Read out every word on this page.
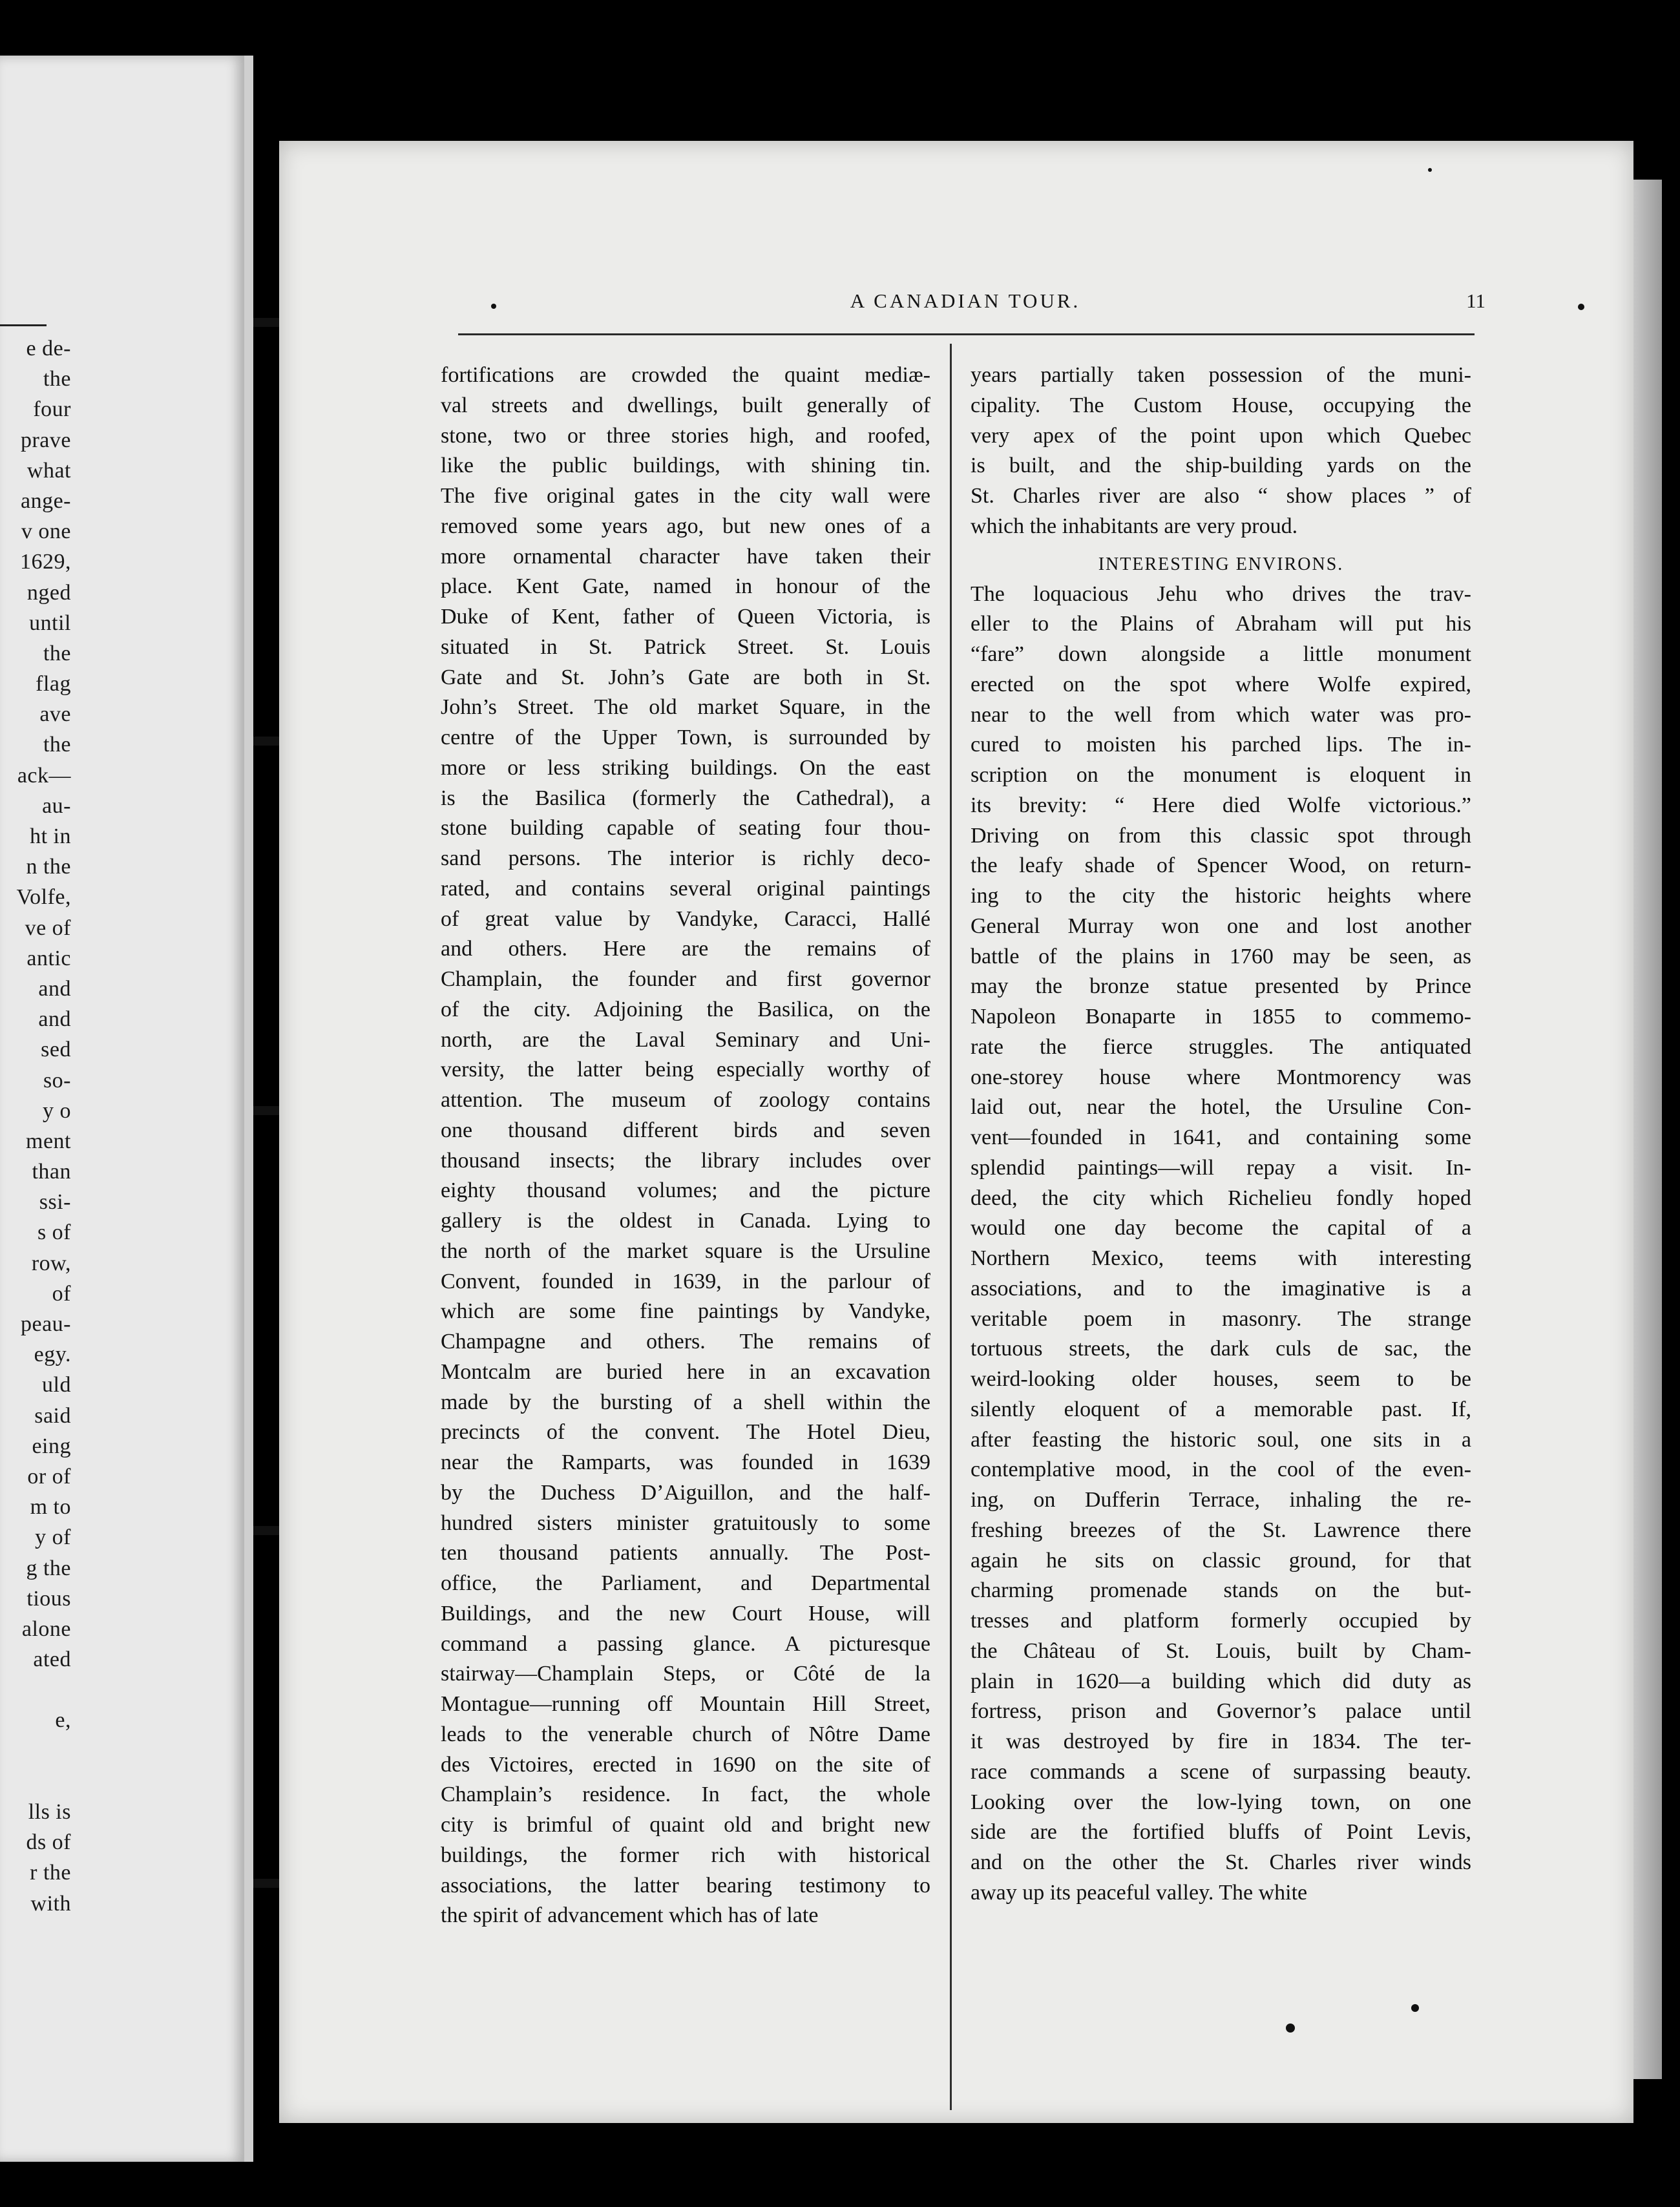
e de-
the
four
prave
what
ange-
v one
1629,
nged
until
the
flag
ave
the
ack—
au-
ht in
n the
Volfe,
ve of
antic
and
and
sed
so-
y o
ment
than
ssi-
s of
row,
of
peau-
egy.
uld
said
eing
or of
m to
y of
g the
tious
alone
ated
e,
lls is
ds of
r the
with
A CANADIAN TOUR.	11
fortifications are crowded the quaint mediæ-
val streets and dwellings, built generally of
stone, two or three stories high, and roofed,
like the public buildings, with shining tin.
The five original gates in the city wall were
removed some years ago, but new ones of a
more ornamental character have taken their
place. Kent Gate, named in honour of the
Duke of Kent, father of Queen Victoria, is
situated in St. Patrick Street. St. Louis
Gate and St. John’s Gate are both in St.
John’s Street. The old market Square, in the
centre of the Upper Town, is surrounded by
more or less striking buildings. On the east
is the Basilica (formerly the Cathedral), a
stone building capable of seating four thou-
sand persons. The interior is richly deco-
rated, and contains several original paintings
of great value by Vandyke, Caracci, Hallé
and others. Here are the remains of
Champlain, the founder and first governor
of the city. Adjoining the Basilica, on the
north, are the Laval Seminary and Uni-
versity, the latter being especially worthy of
attention. The museum of zoology contains
one thousand different birds and seven
thousand insects; the library includes over
eighty thousand volumes; and the picture
gallery is the oldest in Canada. Lying to
the north of the market square is the Ursuline
Convent, founded in 1639, in the parlour of
which are some fine paintings by Vandyke,
Champagne and others. The remains of
Montcalm are buried here in an excavation
made by the bursting of a shell within the
precincts of the convent. The Hotel Dieu,
near the Ramparts, was founded in 1639
by the Duchess D’Aiguillon, and the half-
hundred sisters minister gratuitously to some
ten thousand patients annually. The Post-
office, the Parliament, and Departmental
Buildings, and the new Court House, will
command a passing glance. A picturesque
stairway—Champlain Steps, or Côté de la
Montague—running off Mountain Hill Street,
leads to the venerable church of Nôtre Dame
des Victoires, erected in 1690 on the site of
Champlain’s residence. In fact, the whole
city is brimful of quaint old and bright new
buildings, the former rich with historical
associations, the latter bearing testimony to
the spirit of advancement which has of late
years partially taken possession of the muni-
cipality. The Custom House, occupying the
very apex of the point upon which Quebec
is built, and the ship-building yards on the
St. Charles river are also “ show places ” of
which the inhabitants are very proud.
INTERESTING ENVIRONS.
The loquacious Jehu who drives the trav-
eller to the Plains of Abraham will put his
“fare” down alongside a little monument
erected on the spot where Wolfe expired,
near to the well from which water was pro-
cured to moisten his parched lips. The in-
scription on the monument is eloquent in
its brevity: “ Here died Wolfe victorious.”
Driving on from this classic spot through
the leafy shade of Spencer Wood, on return-
ing to the city the historic heights where
General Murray won one and lost another
battle of the plains in 1760 may be seen, as
may the bronze statue presented by Prince
Napoleon Bonaparte in 1855 to commemo-
rate the fierce struggles. The antiquated
one-storey house where Montmorency was
laid out, near the hotel, the Ursuline Con-
vent—founded in 1641, and containing some
splendid paintings—will repay a visit. In-
deed, the city which Richelieu fondly hoped
would one day become the capital of a
Northern Mexico, teems with interesting
associations, and to the imaginative is a
veritable poem in masonry. The strange
tortuous streets, the dark culs de sac, the
weird-looking older houses, seem to be
silently eloquent of a memorable past. If,
after feasting the historic soul, one sits in a
contemplative mood, in the cool of the even-
ing, on Dufferin Terrace, inhaling the re-
freshing breezes of the St. Lawrence there
again he sits on classic ground, for that
charming promenade stands on the but-
tresses and platform formerly occupied by
the Château of St. Louis, built by Cham-
plain in 1620—a building which did duty as
fortress, prison and Governor’s palace until
it was destroyed by fire in 1834. The ter-
race commands a scene of surpassing beauty.
Looking over the low-lying town, on one
side are the fortified bluffs of Point Levis,
and on the other the St. Charles river winds
away up its peaceful valley. The white
